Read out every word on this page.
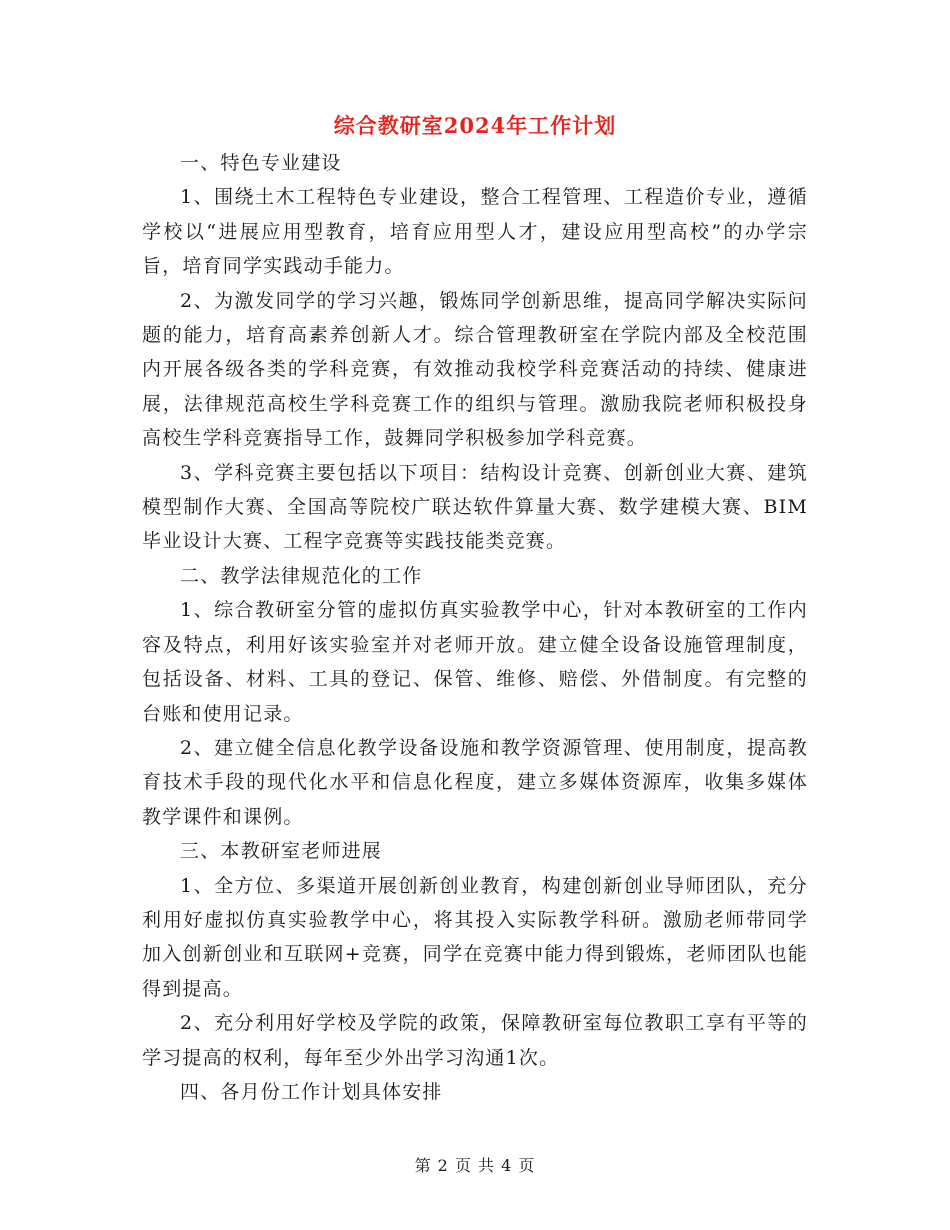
综合教研室2024年工作计划

一、特色专业建设

1、围绕土木工程特色专业建设，整合工程管理、工程造价专业，遵循学校以“进展应用型教育，培育应用型人才，建设应用型高校”的办学宗旨，培育同学实践动手能力。

2、为激发同学的学习兴趣，锻炼同学创新思维，提高同学解决实际问题的能力，培育高素养创新人才。综合管理教研室在学院内部及全校范围内开展各级各类的学科竞赛，有效推动我校学科竞赛活动的持续、健康进展，法律规范高校生学科竞赛工作的组织与管理。激励我院老师积极投身高校生学科竞赛指导工作，鼓舞同学积极参加学科竞赛。

3、学科竞赛主要包括以下项目：结构设计竞赛、创新创业大赛、建筑模型制作大赛、全国高等院校广联达软件算量大赛、数学建模大赛、BIM毕业设计大赛、工程字竞赛等实践技能类竞赛。

二、教学法律规范化的工作

1、综合教研室分管的虚拟仿真实验教学中心，针对本教研室的工作内容及特点，利用好该实验室并对老师开放。建立健全设备设施管理制度，包括设备、材料、工具的登记、保管、维修、赔偿、外借制度。有完整的台账和使用记录。

2、建立健全信息化教学设备设施和教学资源管理、使用制度，提高教育技术手段的现代化水平和信息化程度，建立多媒体资源库，收集多媒体教学课件和课例。

三、本教研室老师进展

1、全方位、多渠道开展创新创业教育，构建创新创业导师团队，充分利用好虚拟仿真实验教学中心，将其投入实际教学科研。激励老师带同学加入创新创业和互联网+竞赛，同学在竞赛中能力得到锻炼，老师团队也能得到提高。

2、充分利用好学校及学院的政策，保障教研室每位教职工享有平等的学习提高的权利，每年至少外出学习沟通1次。

四、各月份工作计划具体安排

第 2 页 共 4 页
